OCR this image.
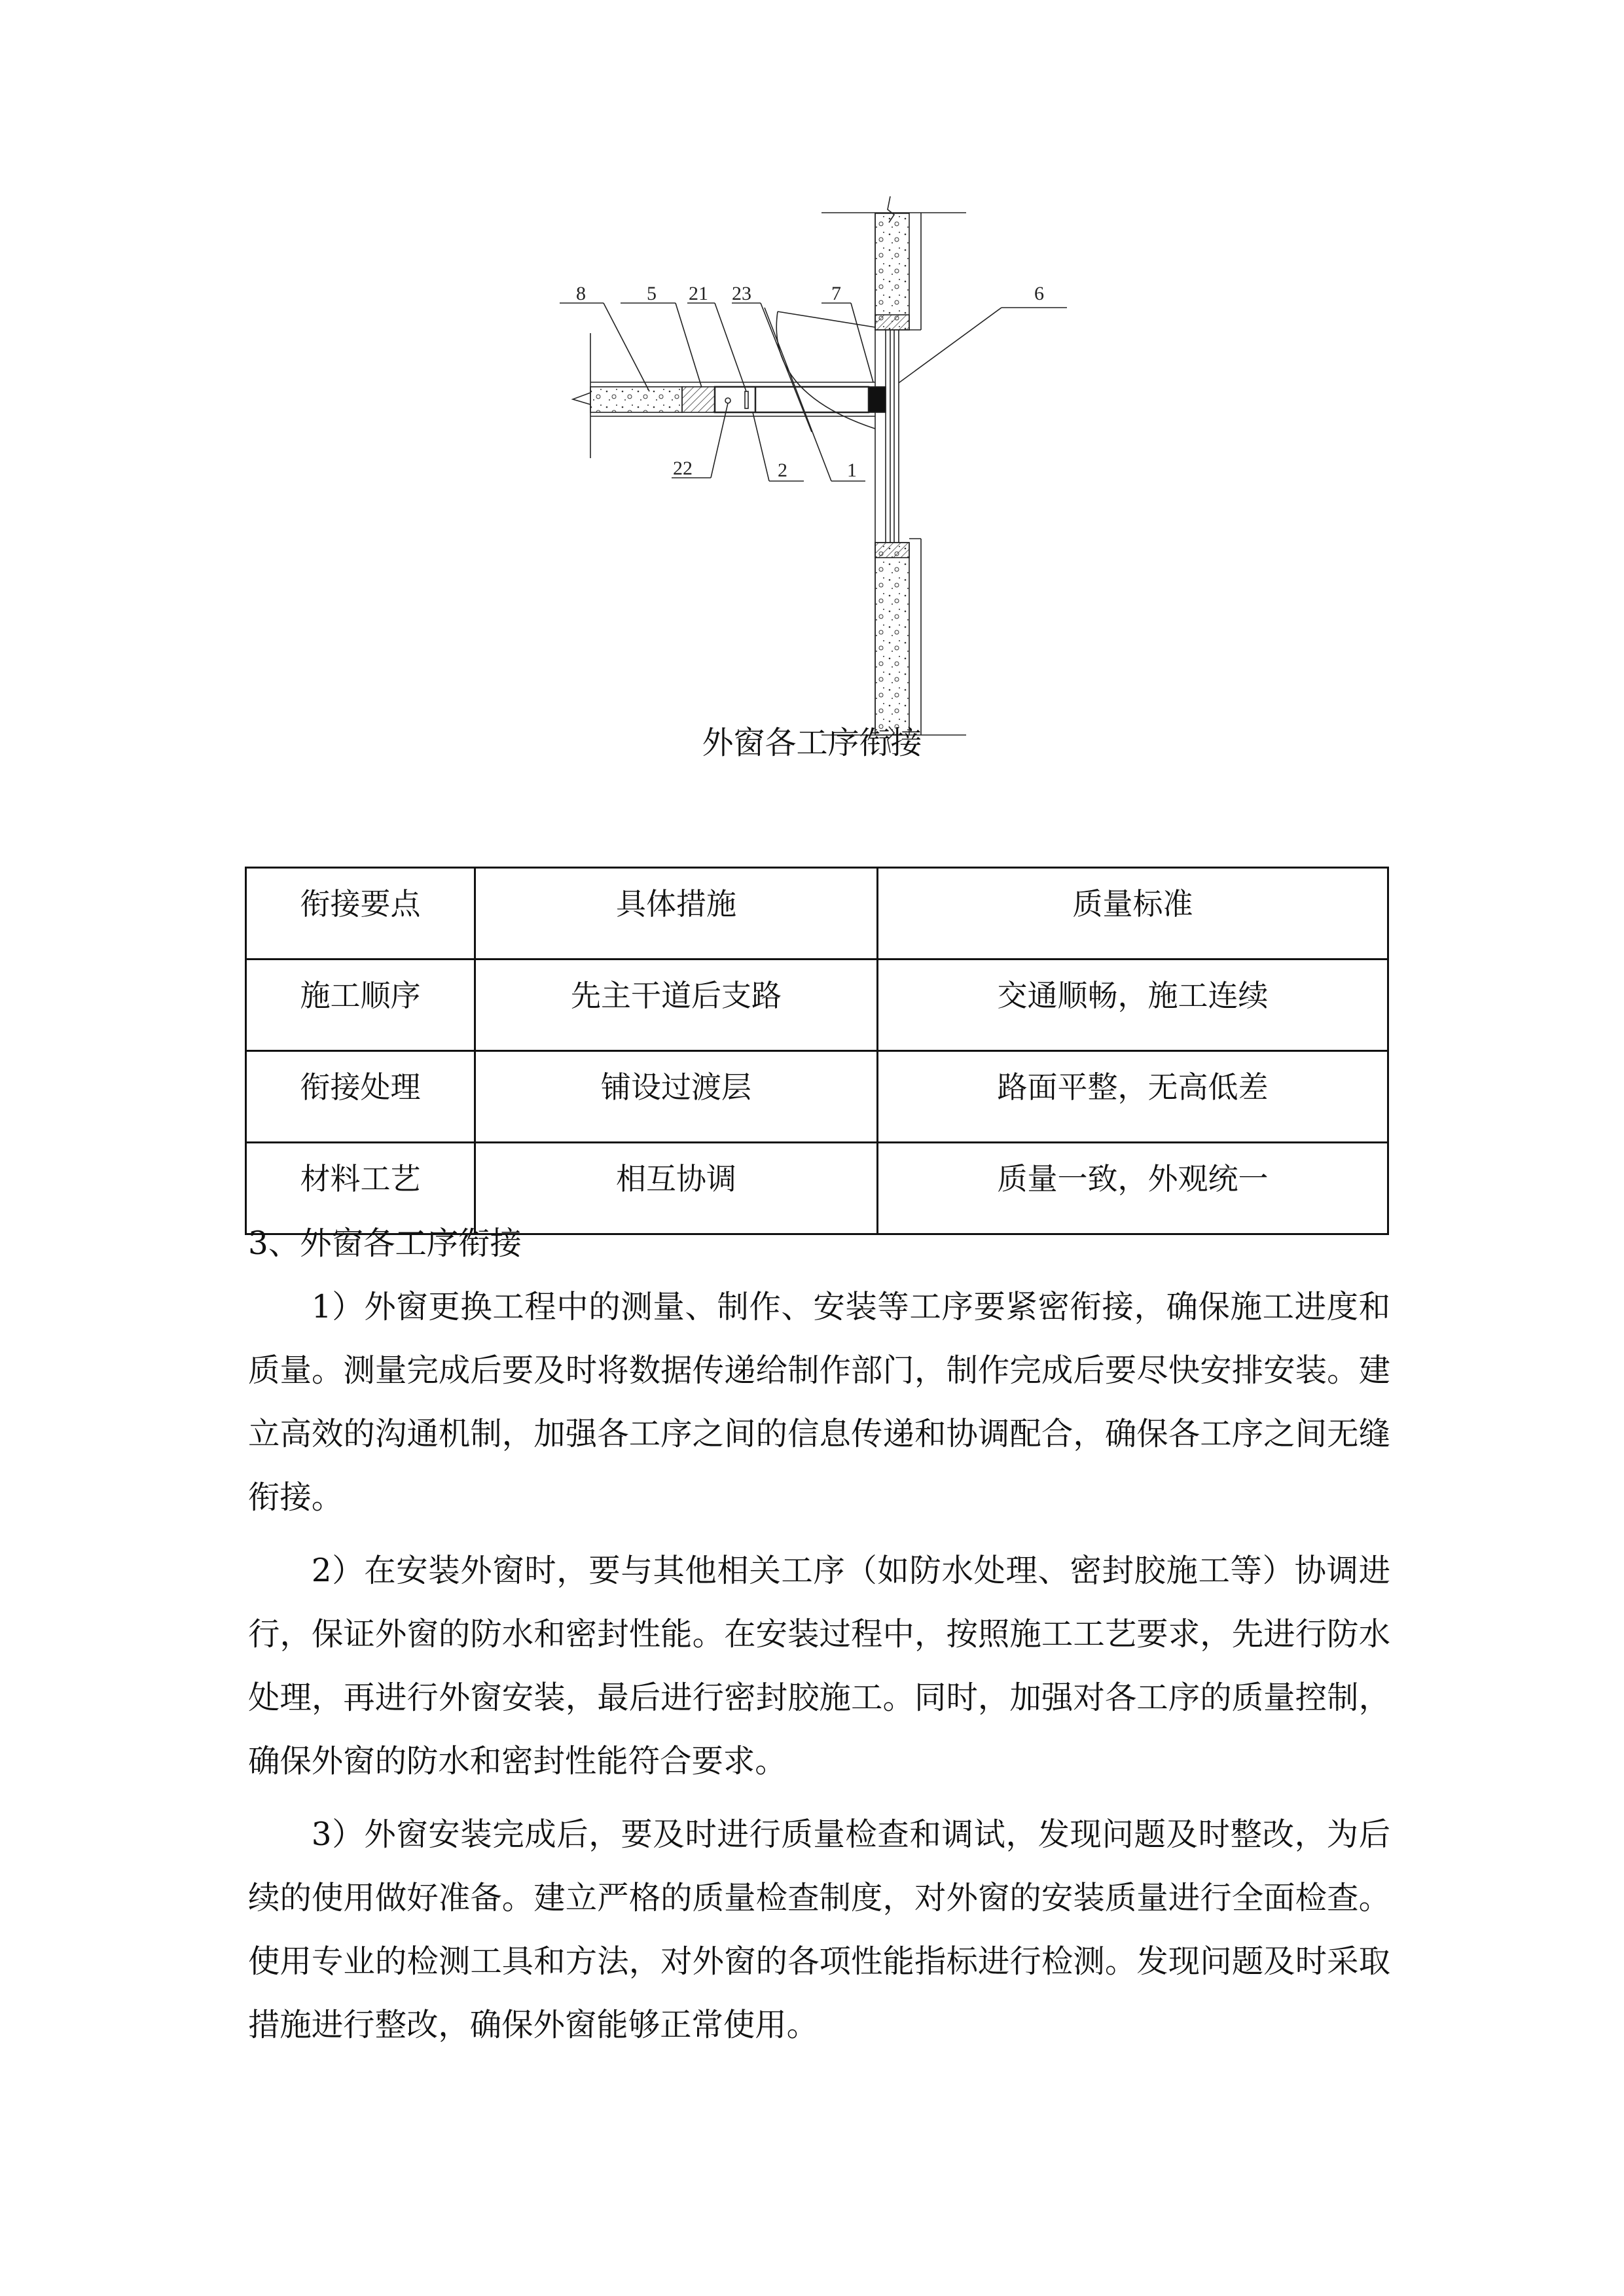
8	5 21 23	7	6
22	2	1
外窗各工序衔接
衔接要点	具体措施	质量标准
施工顺序	先主干道后支路	交通顺畅，施工连续
衔接处理	铺设过渡层	路面平整，无高低差
材料工艺	相互协调	质量一致，外观统一
3、外窗各工序衔接

1）外窗更换工程中的测量、制作、安装等工序要紧密衔接，确保施工进度和质量。测量完成后要及时将数据传递给制作部门，制作完成后要尽快安排安装。建立高效的沟通机制，加强各工序之间的信息传递和协调配合，确保各工序之间无缝衔接。

2）在安装外窗时，要与其他相关工序（如防水处理、密封胶施工等）协调进行，保证外窗的防水和密封性能。在安装过程中，按照施工工艺要求，先进行防水处理，再进行外窗安装，最后进行密封胶施工。同时，加强对各工序的质量控制，确保外窗的防水和密封性能符合要求。

3）外窗安装完成后，要及时进行质量检查和调试，发现问题及时整改，为后续的使用做好准备。建立严格的质量检查制度，对外窗的安装质量进行全面检查。使用专业的检测工具和方法，对外窗的各项性能指标进行检测。发现问题及时采取措施进行整改，确保外窗能够正常使用。
